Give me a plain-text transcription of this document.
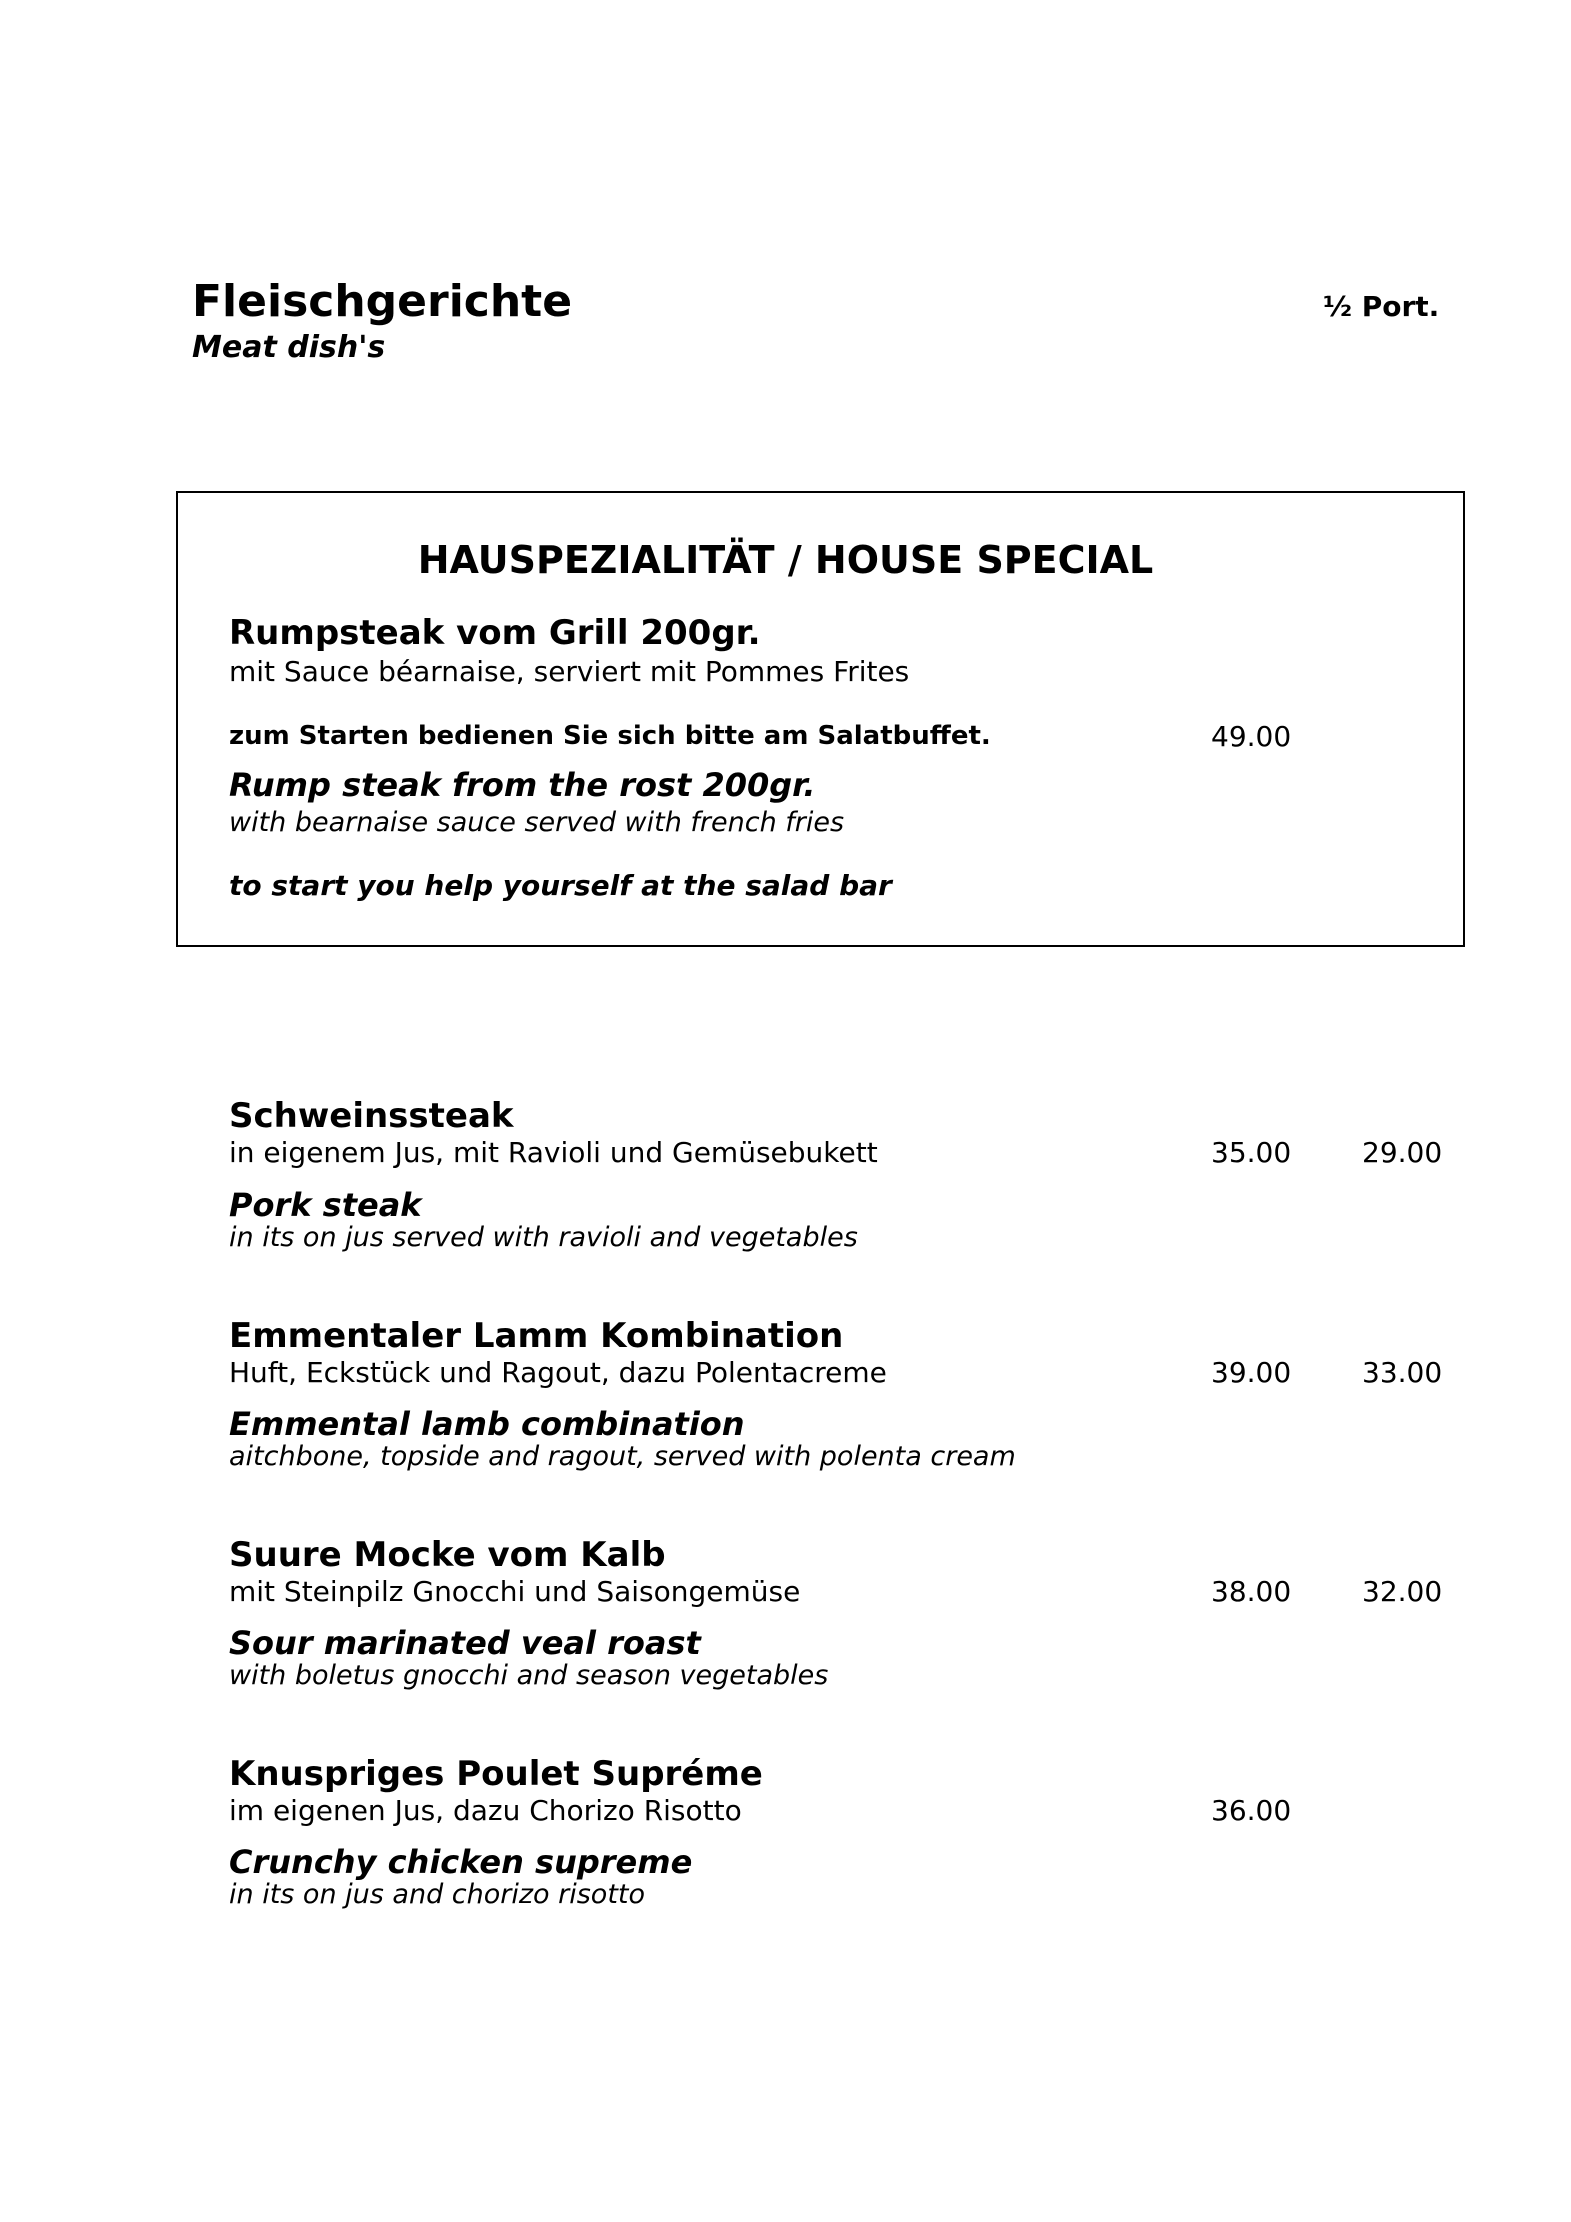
Fleischgerichte
Meat dish's
½ Port.
HAUSPEZIALITÄT / HOUSE SPECIAL
Rumpsteak vom Grill 200gr.
mit Sauce béarnaise, serviert mit Pommes Frites
zum Starten bedienen Sie sich bitte am Salatbuffet.	49.00
Rump steak from the rost 200gr.
with bearnaise sauce served with french fries
to start you help yourself at the salad bar
Schweinssteak
in eigenem Jus, mit Ravioli und Gemüsebukett	35.00	29.00
Pork steak
in its on jus served with ravioli and vegetables
Emmentaler Lamm Kombination
Huft, Eckstück und Ragout, dazu Polentacreme	39.00	33.00
Emmental lamb combination
aitchbone, topside and ragout, served with polenta cream
Suure Mocke vom Kalb
mit Steinpilz Gnocchi und Saisongemüse	38.00	32.00
Sour marinated veal roast
with boletus gnocchi and season vegetables
Knuspriges Poulet Supréme
im eigenen Jus, dazu Chorizo Risotto	36.00
Crunchy chicken supreme
in its on jus and chorizo risotto
